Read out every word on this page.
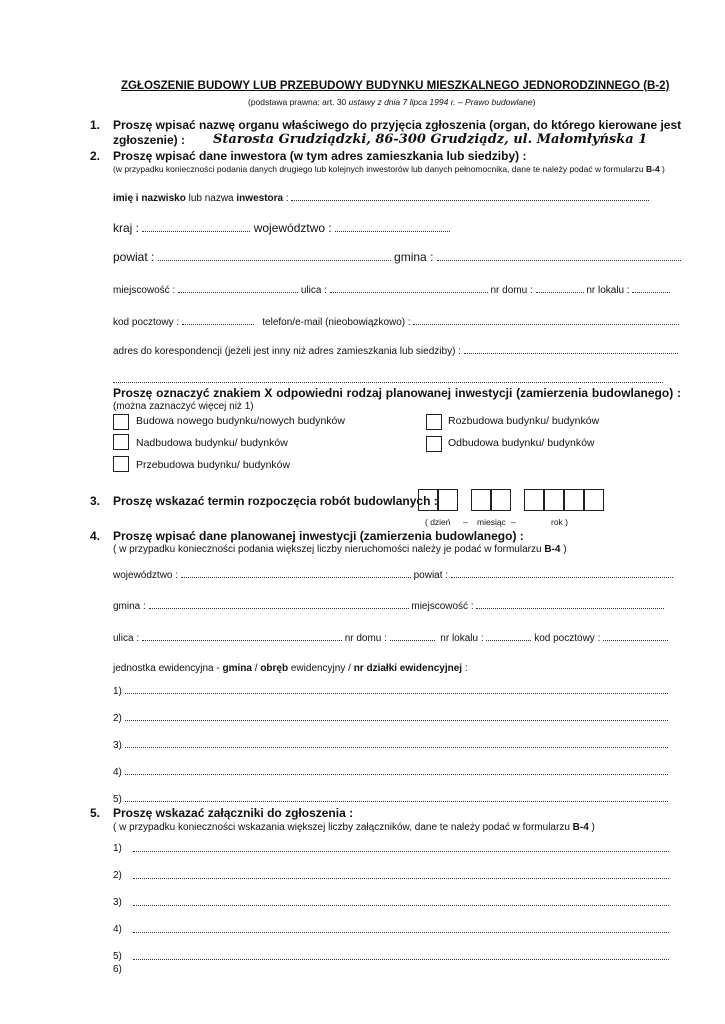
ZGŁOSZENIE BUDOWY LUB PRZEBUDOWY BUDYNKU MIESZKALNEGO JEDNORODZINNEGO (B-2)
(podstawa prawna: art. 30 ustawy z dnia 7 lipca 1994 r. – Prawo budowlane)
1. Proszę wpisać nazwę organu właściwego do przyjęcia zgłoszenia (organ, do którego kierowane jest
zgłoszenie) : Starosta Grudziądzki, 86-300 Grudziądz, ul. Małomłyńska 1
2. Proszę wpisać dane inwestora (w tym adres zamieszkania lub siedziby) :
(w przypadku konieczności podania danych drugiego lub kolejnych inwestorów lub danych pełnomocnika, dane te należy podać w formularzu B-4 )
imię i nazwisko lub nazwa inwestora :
kraj :	województwo :
powiat :	gmina :
miejscowość :	ulica :	nr domu :	nr lokalu :
kod pocztowy :	telefon/e-mail (nieobowiązkowo) :
adres do korespondencji (jeżeli jest inny niż adres zamieszkania lub siedziby) :
Proszę oznaczyć znakiem X odpowiedni rodzaj planowanej inwestycji (zamierzenia budowlanego) :
(można zaznaczyć więcej niż 1)
Budowa nowego budynku/nowych budynków	Rozbudowa budynku/ budynków
Nadbudowa budynku/ budynków	Odbudowa budynku/ budynków
Przebudowa budynku/ budynków
3. Proszę wskazać termin rozpoczęcia robót budowlanych :
( dzień – miesiąc –	rok )
4. Proszę wpisać dane planowanej inwestycji (zamierzenia budowlanego) :
( w przypadku konieczności podania większej liczby nieruchomości należy je podać w formularzu B-4 )
województwo :	powiat :
gmina :	miejscowość :
ulica :	nr domu :	nr lokalu :	kod pocztowy :
jednostka ewidencyjna - gmina / obręb ewidencyjny / nr działki ewidencyjnej :
1)
2)
3)
4)
5)
5. Proszę wskazać załączniki do zgłoszenia :
( w przypadku konieczności wskazania większej liczby załączników, dane te należy podać w formularzu B-4 )
1)
2)
3)
4)
5)
6)
